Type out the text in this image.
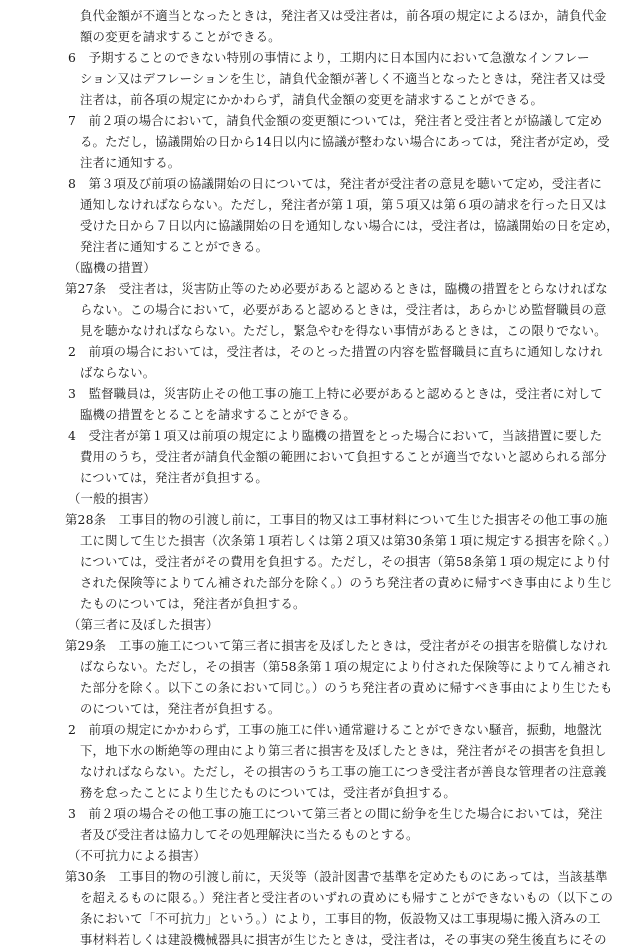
負代金額が不適当となったときは，発注者又は受注者は，前各項の規定によるほか，請負代金
額の変更を請求することができる。
6　予期することのできない特別の事情により，工期内に日本国内において急激なインフレー
ション又はデフレーションを生じ，請負代金額が著しく不適当となったときは，発注者又は受
注者は，前各項の規定にかかわらず，請負代金額の変更を請求することができる。
7　前２項の場合において，請負代金額の変更額については，発注者と受注者とが協議して定め
る。ただし，協議開始の日から14日以内に協議が整わない場合にあっては，発注者が定め，受
注者に通知する。
8　第３項及び前項の協議開始の日については，発注者が受注者の意見を聴いて定め，受注者に
通知しなければならない。ただし，発注者が第１項，第５項又は第６項の請求を行った日又は
受けた日から７日以内に協議開始の日を通知しない場合には，受注者は，協議開始の日を定め，
発注者に通知することができる。
（臨機の措置）
第27条　受注者は，災害防止等のため必要があると認めるときは，臨機の措置をとらなければな
らない。この場合において，必要があると認めるときは，受注者は，あらかじめ監督職員の意
見を聴かなければならない。ただし，緊急やむを得ない事情があるときは，この限りでない。
2　前項の場合においては，受注者は，そのとった措置の内容を監督職員に直ちに通知しなけれ
ばならない。
3　監督職員は，災害防止その他工事の施工上特に必要があると認めるときは，受注者に対して
臨機の措置をとることを請求することができる。
4　受注者が第１項又は前項の規定により臨機の措置をとった場合において，当該措置に要した
費用のうち，受注者が請負代金額の範囲において負担することが適当でないと認められる部分
については，発注者が負担する。
（一般的損害）
第28条　工事目的物の引渡し前に，工事目的物又は工事材料について生じた損害その他工事の施
工に関して生じた損害（次条第１項若しくは第２項又は第30条第１項に規定する損害を除く。）
については，受注者がその費用を負担する。ただし，その損害（第58条第１項の規定により付
された保険等によりてん補された部分を除く。）のうち発注者の責めに帰すべき事由により生じ
たものについては，発注者が負担する。
（第三者に及ぼした損害）
第29条　工事の施工について第三者に損害を及ぼしたときは，受注者がその損害を賠償しなけれ
ばならない。ただし，その損害（第58条第１項の規定により付された保険等によりてん補され
た部分を除く。以下この条において同じ。）のうち発注者の責めに帰すべき事由により生じたも
のについては，発注者が負担する。
2　前項の規定にかかわらず，工事の施工に伴い通常避けることができない騒音，振動，地盤沈
下，地下水の断絶等の理由により第三者に損害を及ぼしたときは，発注者がその損害を負担し
なければならない。ただし，その損害のうち工事の施工につき受注者が善良な管理者の注意義
務を怠ったことにより生じたものについては，受注者が負担する。
3　前２項の場合その他工事の施工について第三者との間に紛争を生じた場合においては，発注
者及び受注者は協力してその処理解決に当たるものとする。
（不可抗力による損害）
第30条　工事目的物の引渡し前に，天災等（設計図書で基準を定めたものにあっては，当該基準
を超えるものに限る。）発注者と受注者のいずれの責めにも帰すことができないもの（以下この
条において「不可抗力」という。）により，工事目的物，仮設物又は工事現場に搬入済みの工
事材料若しくは建設機械器具に損害が生じたときは，受注者は，その事実の発生後直ちにその
